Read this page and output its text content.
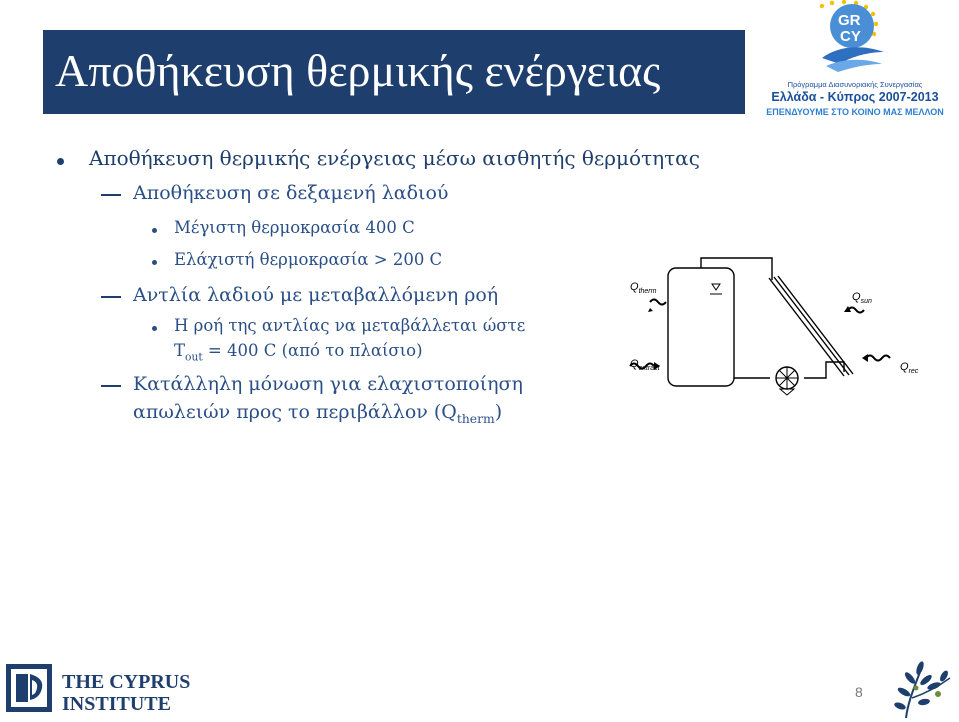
Αποθήκευση θερμικής ενέργειας
GR
CY
Πρόγραμμα Διασυνοριακής Συνεργασίας
Ελλάδα - Κύπρος 2007-2013
ΕΠΕΝΔΥΟΥΜΕ ΣΤΟ ΚΟΙΝΟ ΜΑΣ ΜΕΛΛΟΝ
Αποθήκευση θερμικής ενέργειας μέσω αισθητής θερμότητας
Αποθήκευση σε δεξαμενή λαδιού
Μέγιστη θερμοκρασία 400 C
Ελάχιστή θερμοκρασία > 200 C
Αντλία λαδιού με μεταβαλλόμενη ροή
Η ροή της αντλίας να μεταβάλλεται ώστε
$T_{out} = 400$ C (από το πλαίσιο)
Κατάλληλη μόνωση για ελαχιστοποίηση
απωλειών προς το περιβάλλον $(Q_{therm})$
$Q_{therm}$
$Q_{extract}$
$Q_{sun}$
$Q_{rec}$
THE CYPRUS
INSTITUTE
8
